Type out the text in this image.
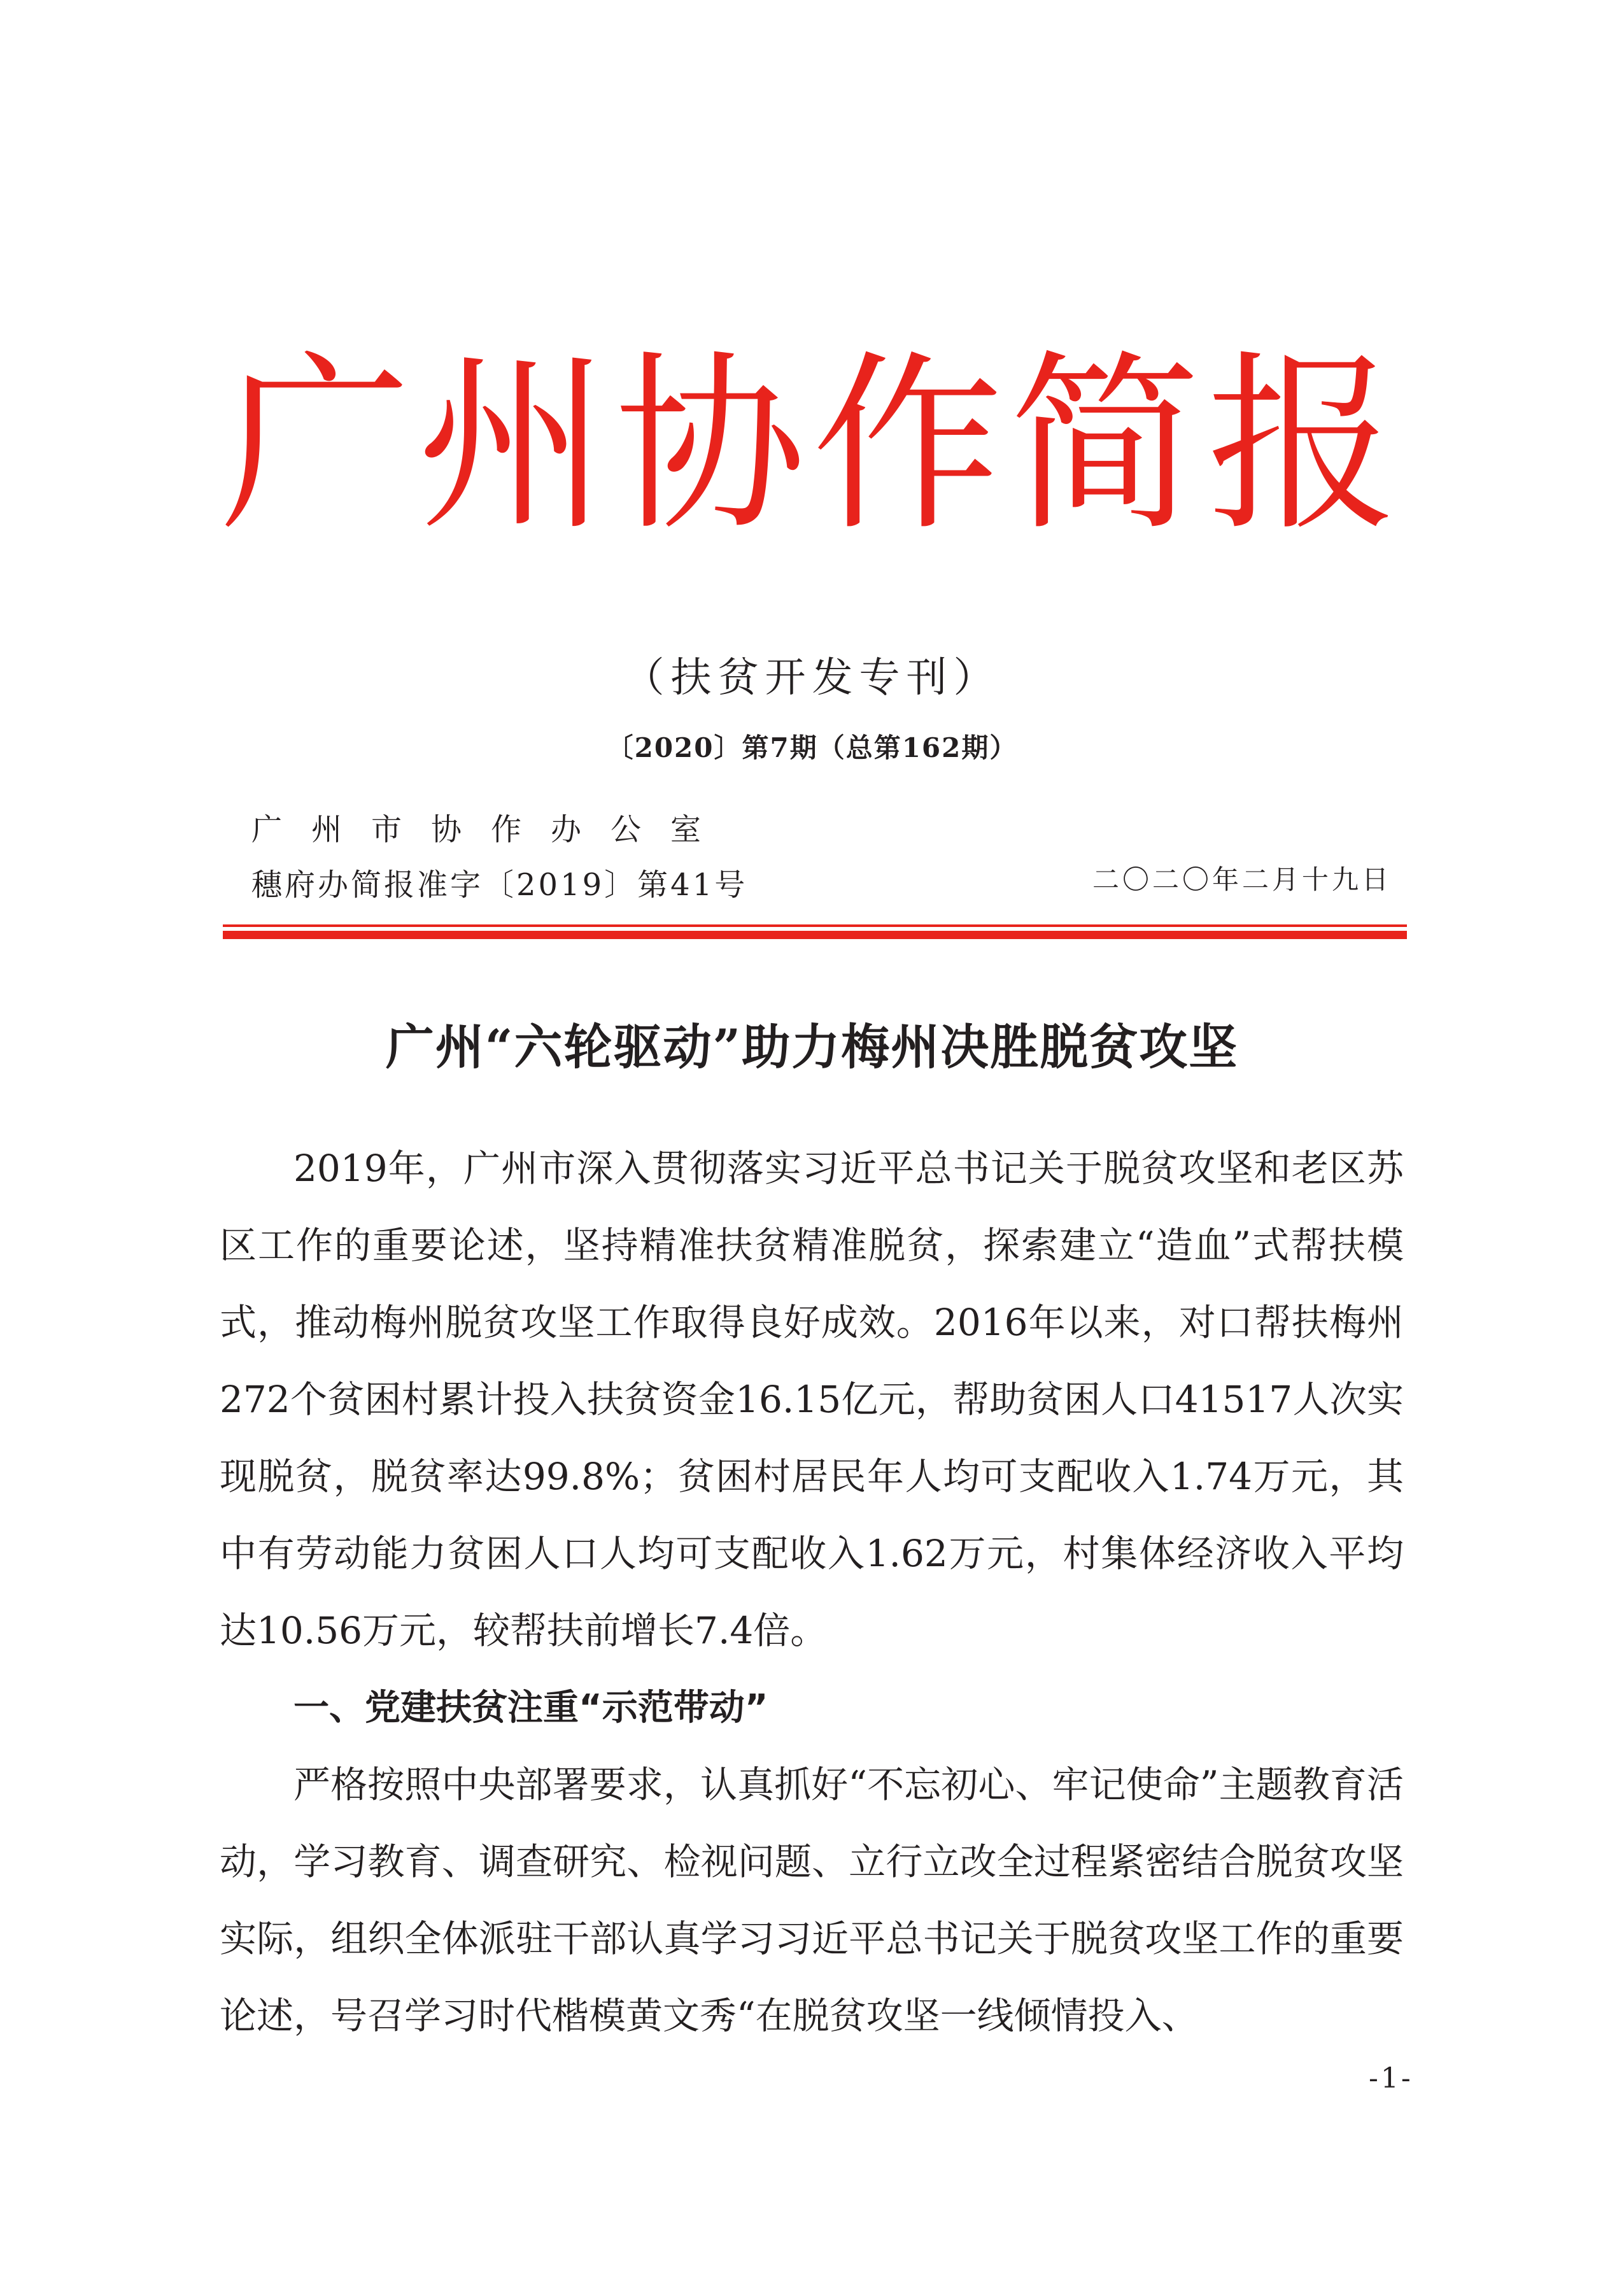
广州协作简报
（扶贫开发专刊）
〔2020〕第7期（总第162期）
广州市协作办公室
穗府办简报准字〔2019〕第41号	二〇二〇年二月十九日
广州“六轮驱动”助力梅州决胜脱贫攻坚

2019年，广州市深入贯彻落实习近平总书记关于脱贫攻坚和老区苏区工作的重要论述，坚持精准扶贫精准脱贫，探索建立“造血”式帮扶模式，推动梅州脱贫攻坚工作取得良好成效。2016年以来，对口帮扶梅州272个贫困村累计投入扶贫资金16.15亿元，帮助贫困人口41517人次实现脱贫，脱贫率达99.8%；贫困村居民年人均可支配收入1.74万元，其中有劳动能力贫困人口人均可支配收入1.62万元，村集体经济收入平均达10.56万元，较帮扶前增长7.4倍。

一、党建扶贫注重“示范带动”

严格按照中央部署要求，认真抓好“不忘初心、牢记使命”主题教育活动，学习教育、调查研究、检视问题、立行立改全过程紧密结合脱贫攻坚实际，组织全体派驻干部认真学习习近平总书记关于脱贫攻坚工作的重要论述，号召学习时代楷模黄文秀“在脱贫攻坚一线倾情投入、

-1-
